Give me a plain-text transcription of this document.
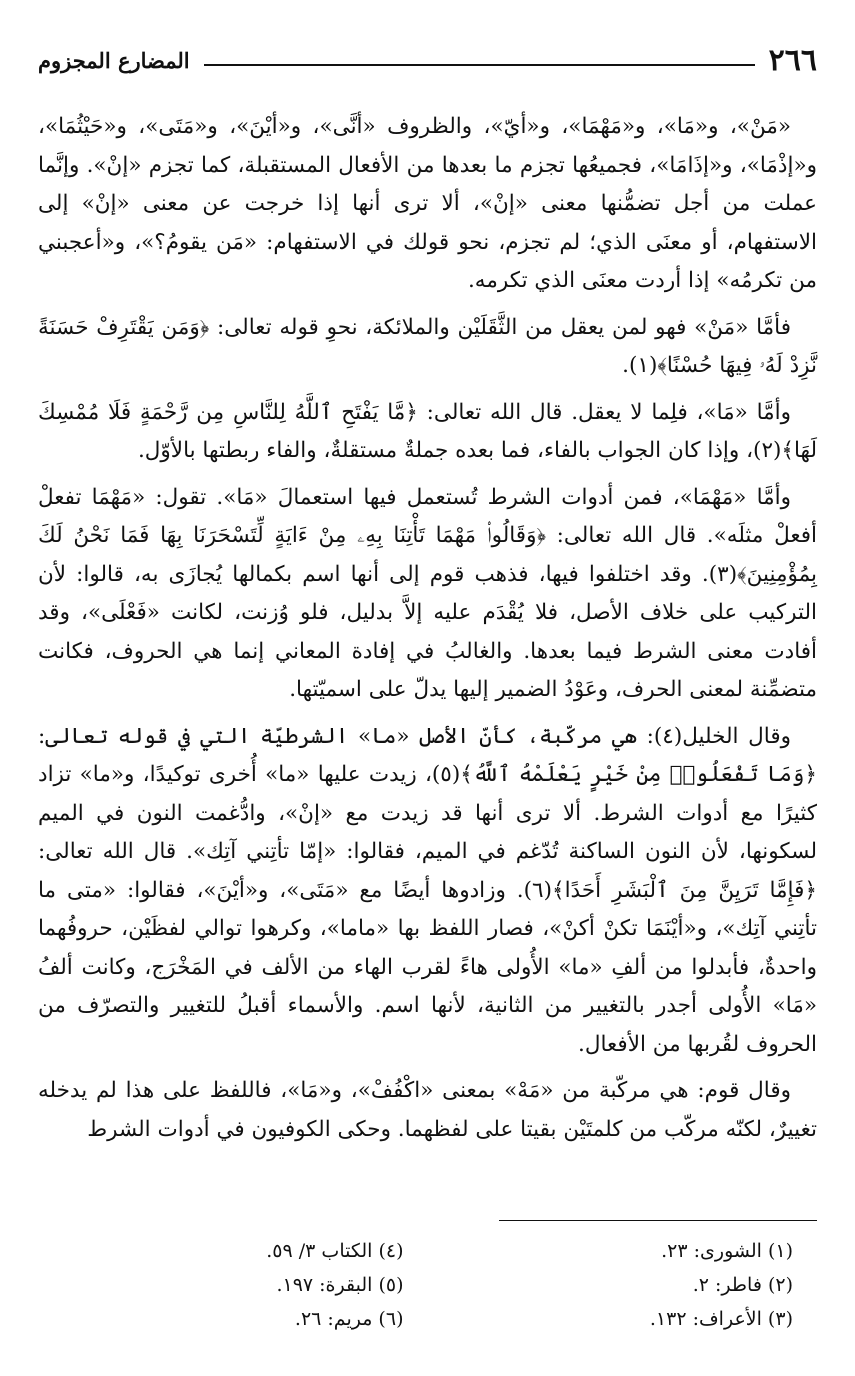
٢٦٦
المضارع المجزوم

«مَنْ»، و«مَا»، و«مَهْمَا»، و«أيّ»، والظروف «أنَّى»، و«أيْنَ»، و«مَتَى»، و«حَيْثُمَا»، و«إذْمَا»، و«إذَامَا»، فجميعُها تجزم ما بعدها من الأفعال المستقبلة، كما تجزم «إنْ». وإنَّما عملت من أجل تضمُّنها معنى «إنْ»، ألا ترى أنها إذا خرجت عن معنى «إنْ» إلى الاستفهام، أو معنَى الذي؛ لم تجزم، نحو قولك في الاستفهام: «مَن يقومُ؟»، و«أعجبني من تكرمُه» إذا أردت معنَى الذي تكرمه.

فأمَّا «مَنْ» فهو لمن يعقل من الثَّقَلَيْن والملائكة، نحوِ قوله تعالى: ﴿وَمَن يَقْتَرِفْ حَسَنَةً نَّزِدْ لَهُۥ فِيهَا حُسْنًا﴾(١).

وأمَّا «مَا»، فلِما لا يعقل. قال الله تعالى: ﴿مَّا يَفْتَحِ ٱللَّهُ لِلنَّاسِ مِن رَّحْمَةٍ فَلَا مُمْسِكَ لَهَا﴾(٢)، وإذا كان الجواب بالفاء، فما بعده جملةٌ مستقلةٌ، والفاء ربطتها بالأوّل.

وأمَّا «مَهْمَا»، فمن أدوات الشرط تُستعمل فيها استعمالَ «مَا». تقول: «مَهْمَا تفعلْ أفعلْ مثلَه». قال الله تعالى: ﴿وَقَالُوا۟ مَهْمَا تَأْتِنَا بِهِۦ مِنْ ءَايَةٍ لِّتَسْحَرَنَا بِهَا فَمَا نَحْنُ لَكَ بِمُؤْمِنِينَ﴾(٣). وقد اختلفوا فيها، فذهب قوم إلى أنها اسم بكمالها يُجازَى به، قالوا: لأن التركيب على خلاف الأصل، فلا يُقْدَم عليه إلاَّ بدليل، فلو وُزنت، لكانت «فَعْلَى»، وقد أفادت معنى الشرط فيما بعدها. والغالبُ في إفادة المعاني إنما هي الحروف، فكانت متضمِّنة لمعنى الحرف، وعَوْدُ الضمير إليها يدلّ على اسميّتها.

وقال الخليل(٤): هي مركّبة، كأنّ الأصل «ما» الشرطيّة التي في قوله تعالى: ﴿وَمَا تَفْعَلُوا۟ مِنْ خَيْرٍ يَعْلَمْهُ ٱللَّهُ﴾(٥)، زيدت عليها «ما» أُخرى توكيدًا، و«ما» تزاد كثيرًا مع أدوات الشرط. ألا ترى أنها قد زيدت مع «إنْ»، وادُّغمت النون في الميم لسكونها، لأن النون الساكنة تُدّغم في الميم، فقالوا: «إمّا تأتِني آتِك». قال الله تعالى: ﴿فَإِمَّا تَرَيِنَّ مِنَ ٱلْبَشَرِ أَحَدًا﴾(٦). وزادوها أيضًا مع «مَتَى»، و«أيْنَ»، فقالوا: «متى ما تأتِني آتِك»، و«أيْنَمَا تكنْ أكنْ»، فصار اللفظ بها «ماما»، وكرهوا توالي لفظَيْن، حروفُهما واحدةٌ، فأبدلوا من ألفِ «ما» الأُولى هاءً لقرب الهاء من الألف في المَخْرَج، وكانت ألفُ «مَا» الأُولى أجدر بالتغيير من الثانية، لأنها اسم. والأسماء أقبلُ للتغيير والتصرّف من الحروف لقُربها من الأفعال.

وقال قوم: هي مركّبة من «مَهْ» بمعنى «اكْفُفْ»، و«مَا»، فاللفظ على هذا لم يدخله تغييرٌ، لكنّه مركّب من كلمتَيْن بقيتا على لفظهما. وحكى الكوفيون في أدوات الشرط

(١) الشورى: ٢٣.
(٢) فاطر: ٢.
(٣) الأعراف: ١٣٢.
(٤) الكتاب ٣/ ٥٩.
(٥) البقرة: ١٩٧.
(٦) مريم: ٢٦.
